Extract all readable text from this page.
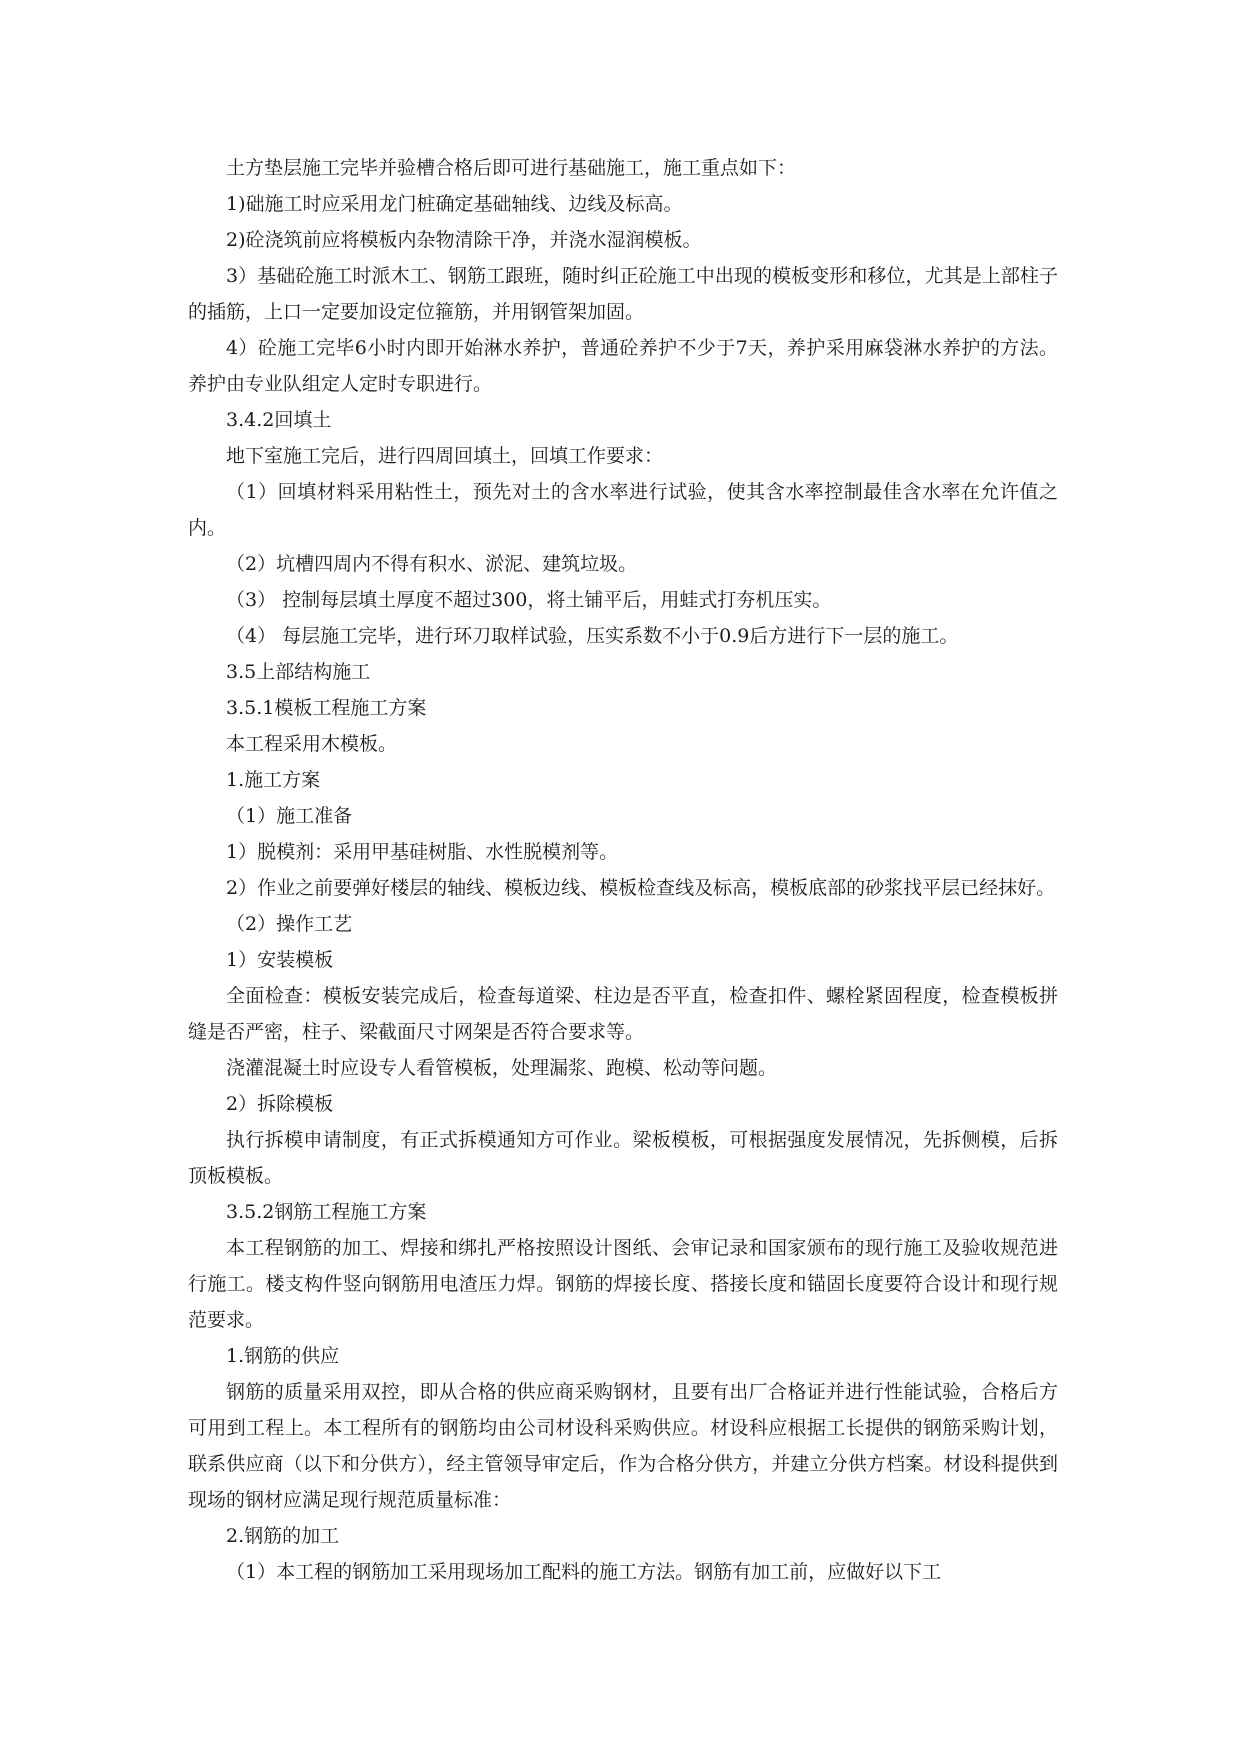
土方垫层施工完毕并验槽合格后即可进行基础施工，施工重点如下：

1)础施工时应采用龙门桩确定基础轴线、边线及标高。

2)砼浇筑前应将模板内杂物清除干净，并浇水湿润模板。

3）基础砼施工时派木工、钢筋工跟班，随时纠正砼施工中出现的模板变形和移位，尤其是上部柱子的插筋，上口一定要加设定位箍筋，并用钢管架加固。

4）砼施工完毕6小时内即开始淋水养护，普通砼养护不少于7天，养护采用麻袋淋水养护的方法。养护由专业队组定人定时专职进行。

3.4.2回填土

地下室施工完后，进行四周回填土，回填工作要求：

（1）回填材料采用粘性土，预先对土的含水率进行试验，使其含水率控制最佳含水率在允许值之内。

（2）坑槽四周内不得有积水、淤泥、建筑垃圾。

（3） 控制每层填土厚度不超过300，将土铺平后，用蛙式打夯机压实。

（4） 每层施工完毕，进行环刀取样试验，压实系数不小于0.9后方进行下一层的施工。

3.5上部结构施工

3.5.1模板工程施工方案

本工程采用木模板。

1.施工方案

（1）施工准备

1）脱模剂：采用甲基硅树脂、水性脱模剂等。

2）作业之前要弹好楼层的轴线、模板边线、模板检查线及标高，模板底部的砂浆找平层已经抹好。

（2）操作工艺

1）安装模板

全面检查：模板安装完成后，检查每道梁、柱边是否平直，检查扣件、螺栓紧固程度，检查模板拼缝是否严密，柱子、梁截面尺寸网架是否符合要求等。

浇灌混凝土时应设专人看管模板，处理漏浆、跑模、松动等问题。

2）拆除模板

执行拆模申请制度，有正式拆模通知方可作业。梁板模板，可根据强度发展情况，先拆侧模，后拆顶板模板。

3.5.2钢筋工程施工方案

本工程钢筋的加工、焊接和绑扎严格按照设计图纸、会审记录和国家颁布的现行施工及验收规范进行施工。楼支构件竖向钢筋用电渣压力焊。钢筋的焊接长度、搭接长度和锚固长度要符合设计和现行规范要求。

1.钢筋的供应

钢筋的质量采用双控，即从合格的供应商采购钢材，且要有出厂合格证并进行性能试验，合格后方可用到工程上。本工程所有的钢筋均由公司材设科采购供应。材设科应根据工长提供的钢筋采购计划，联系供应商（以下和分供方），经主管领导审定后，作为合格分供方，并建立分供方档案。材设科提供到现场的钢材应满足现行规范质量标准：

2.钢筋的加工

（1）本工程的钢筋加工采用现场加工配料的施工方法。钢筋有加工前，应做好以下工
